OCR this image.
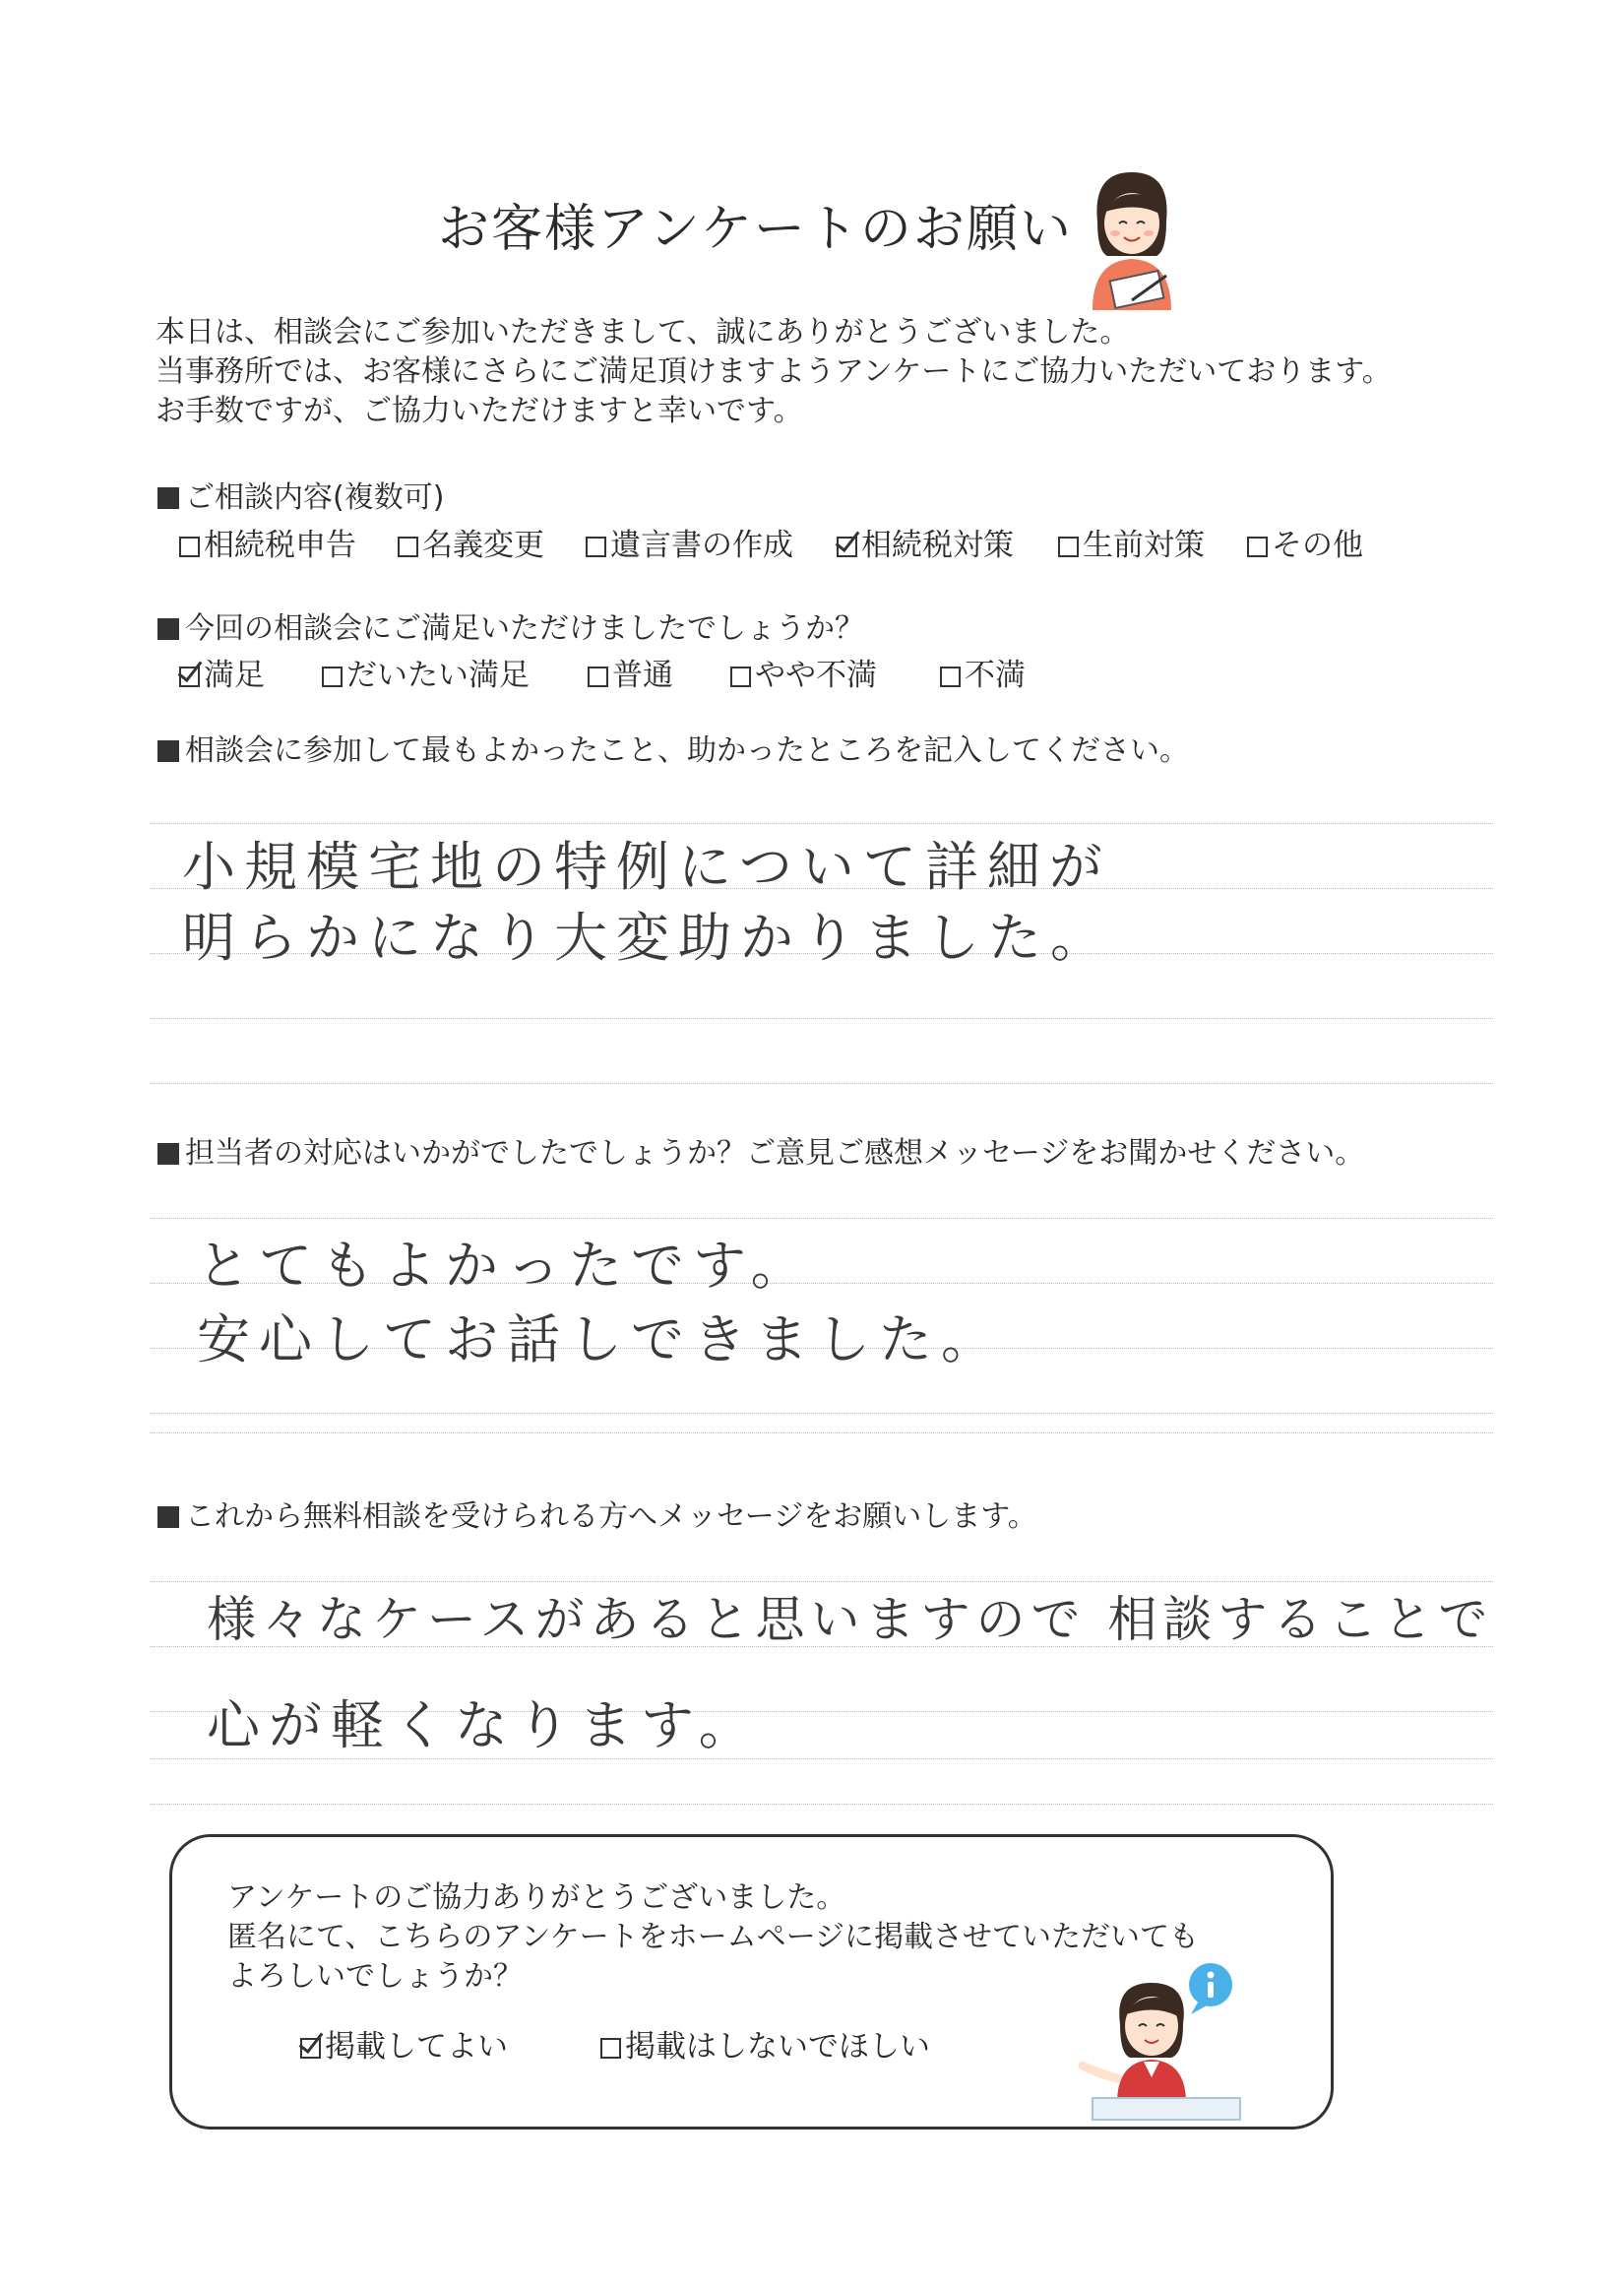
お客様アンケートのお願い
本日は、相談会にご参加いただきまして、誠にありがとうございました。
当事務所では、お客様にさらにご満足頂けますようアンケートにご協力いただいております。
お手数ですが、ご協力いただけますと幸いです。
ご相談内容(複数可)
相続税申告	名義変更	遺言書の作成	相続税対策	生前対策	その他
今回の相談会にご満足いただけましたでしょうか？
満足	だいたい満足	普通	やや不満	不満
相談会に参加して最もよかったこと、助かったところを記入してください。
小規模宅地の特例について詳細が
明らかになり大変助かりました。
担当者の対応はいかがでしたでしょうか？ご意見ご感想メッセージをお聞かせください。
とてもよかったです。
安心してお話しできました。
これから無料相談を受けられる方へメッセージをお願いします。
様々なケースがあると思いますので 相談することで
心が軽くなります。
アンケートのご協力ありがとうございました。
匿名にて、こちらのアンケートをホームページに掲載させていただいても
よろしいでしょうか？
掲載してよい	掲載はしないでほしい
